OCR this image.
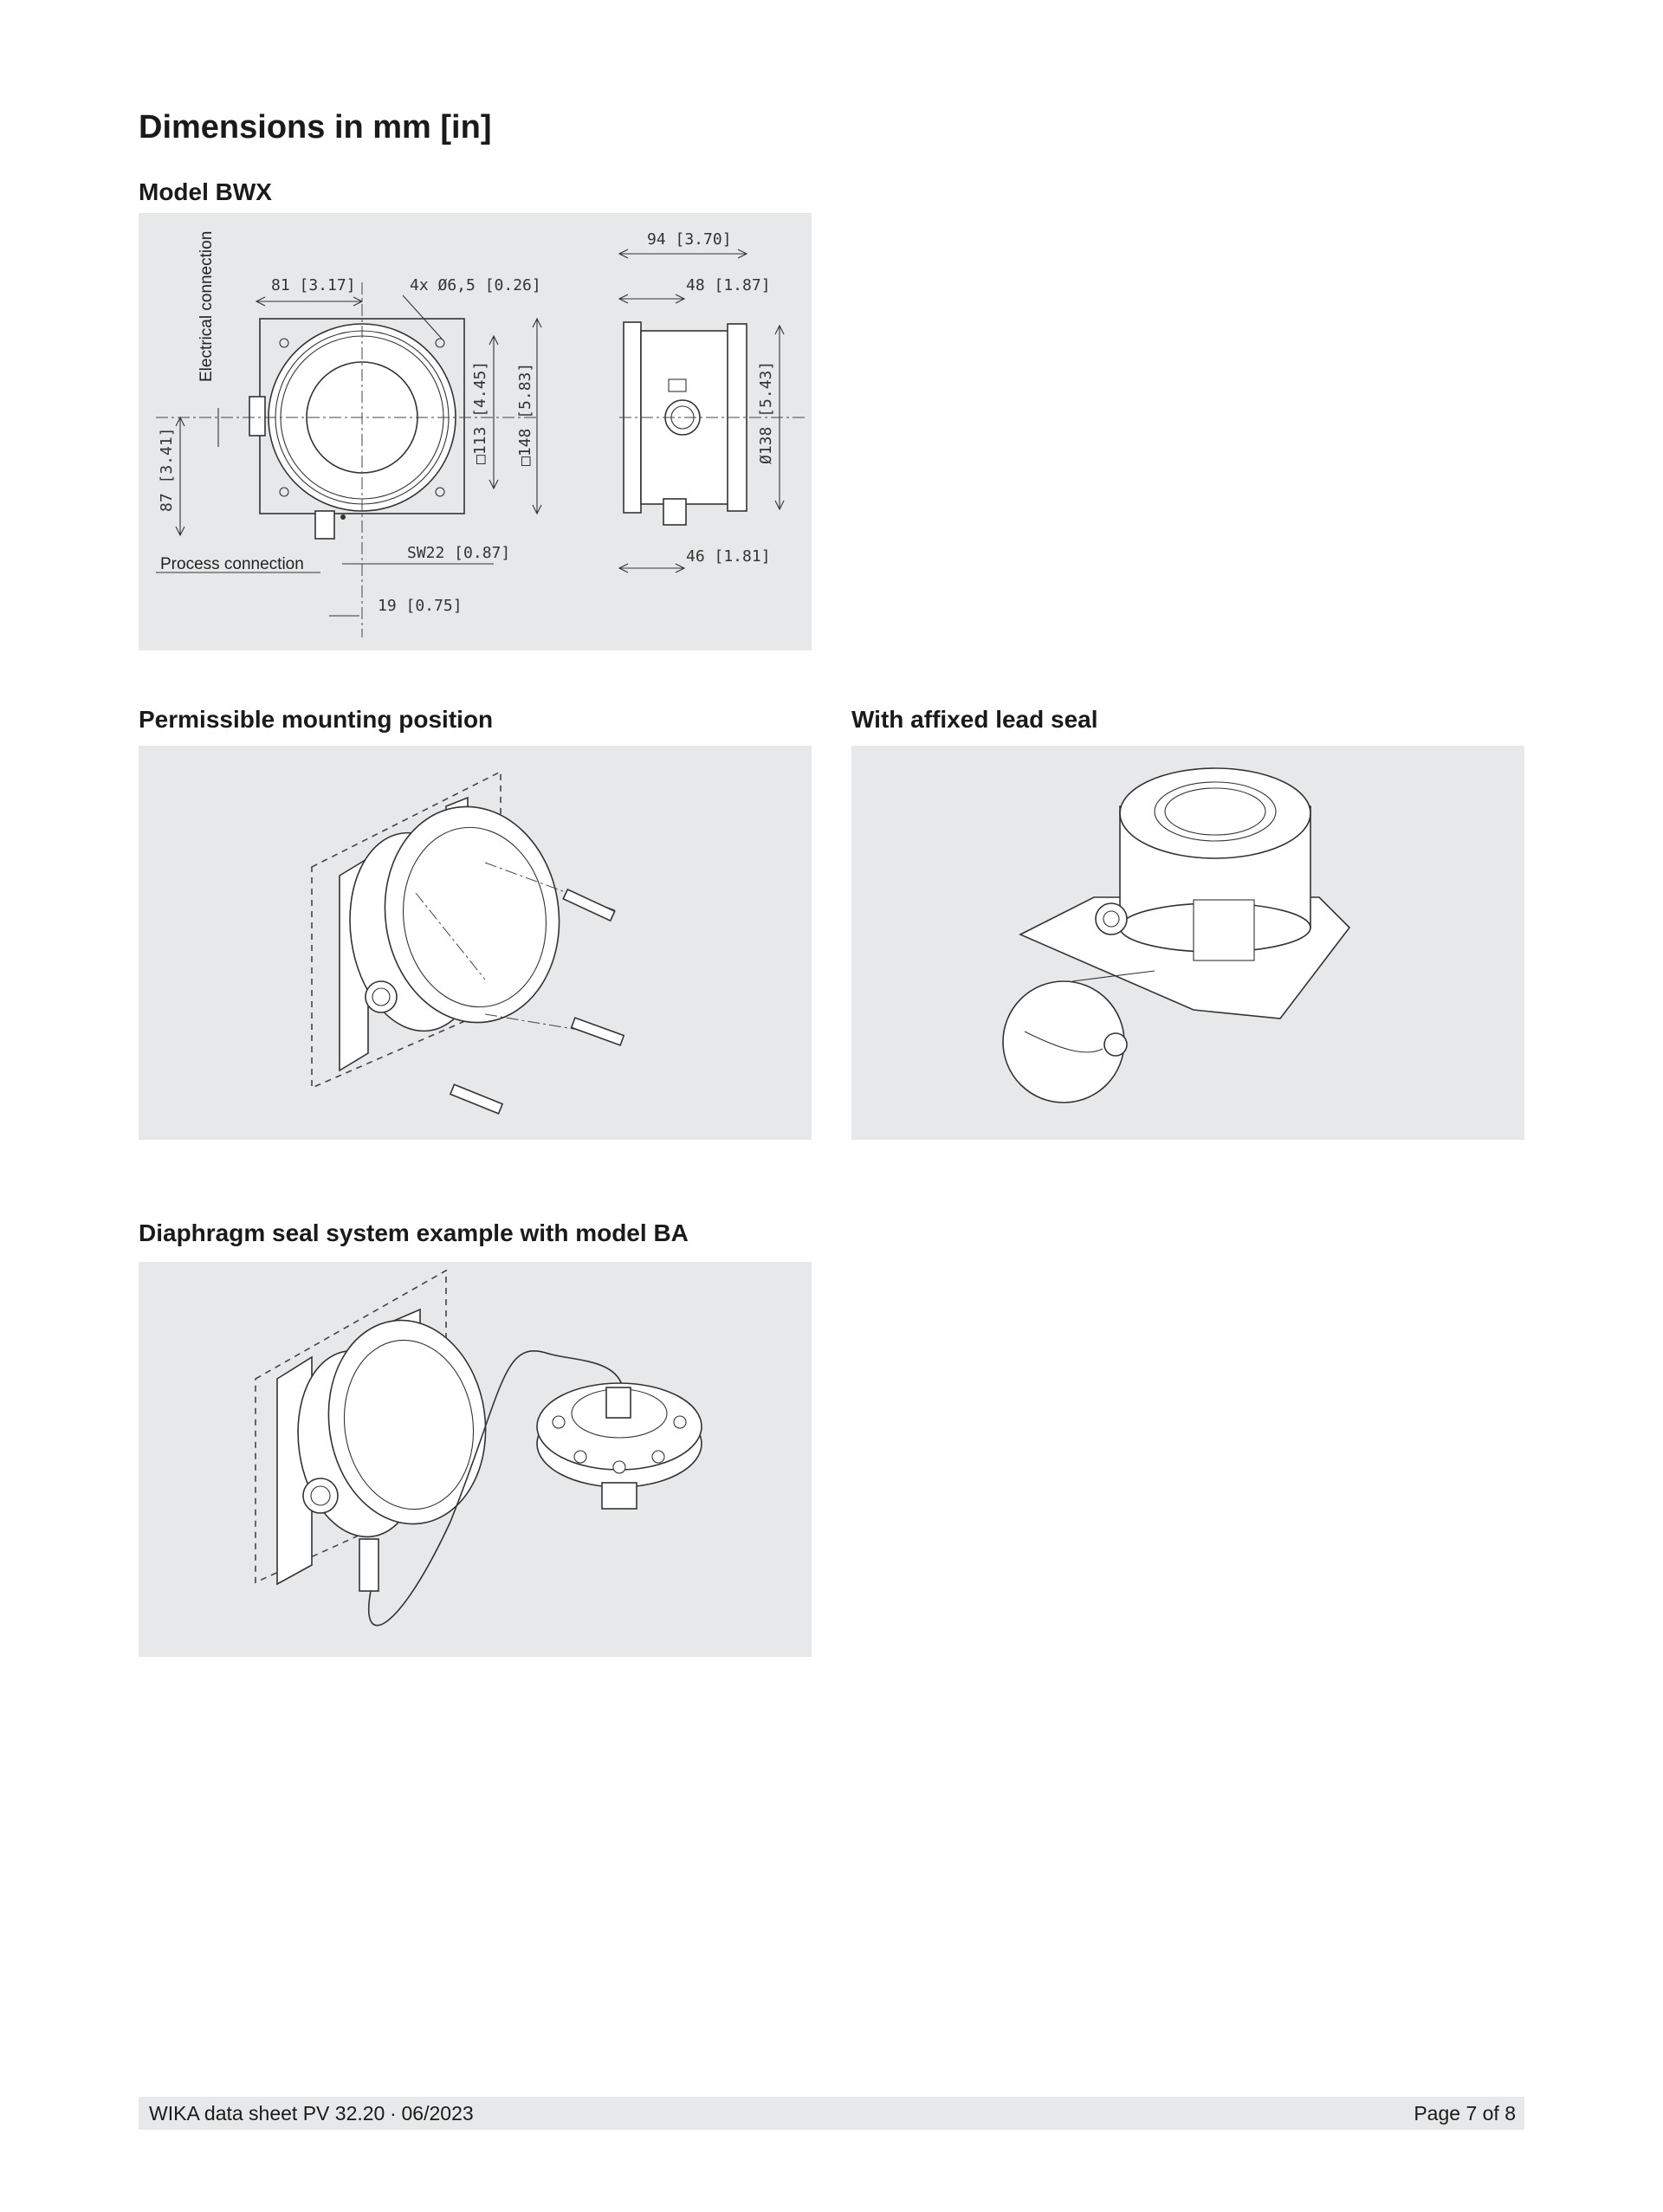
Dimensions in mm [in]
Model BWX
81 [3.17]	4x Ø6,5 [0.26]
□113 [4.45] □148 [5.83]
87 [3.41]
Electrical connection
Process connection
SW22 [0.87]
19 [0.75]
94 [3.70]
48 [1.87]
Ø138 [5.43]
46 [1.81]
Permissible mounting position	With affixed lead seal
Diaphragm seal system example with model BA
WIKA data sheet PV 32.20 ∙ 06/2023	Page 7 of 8
